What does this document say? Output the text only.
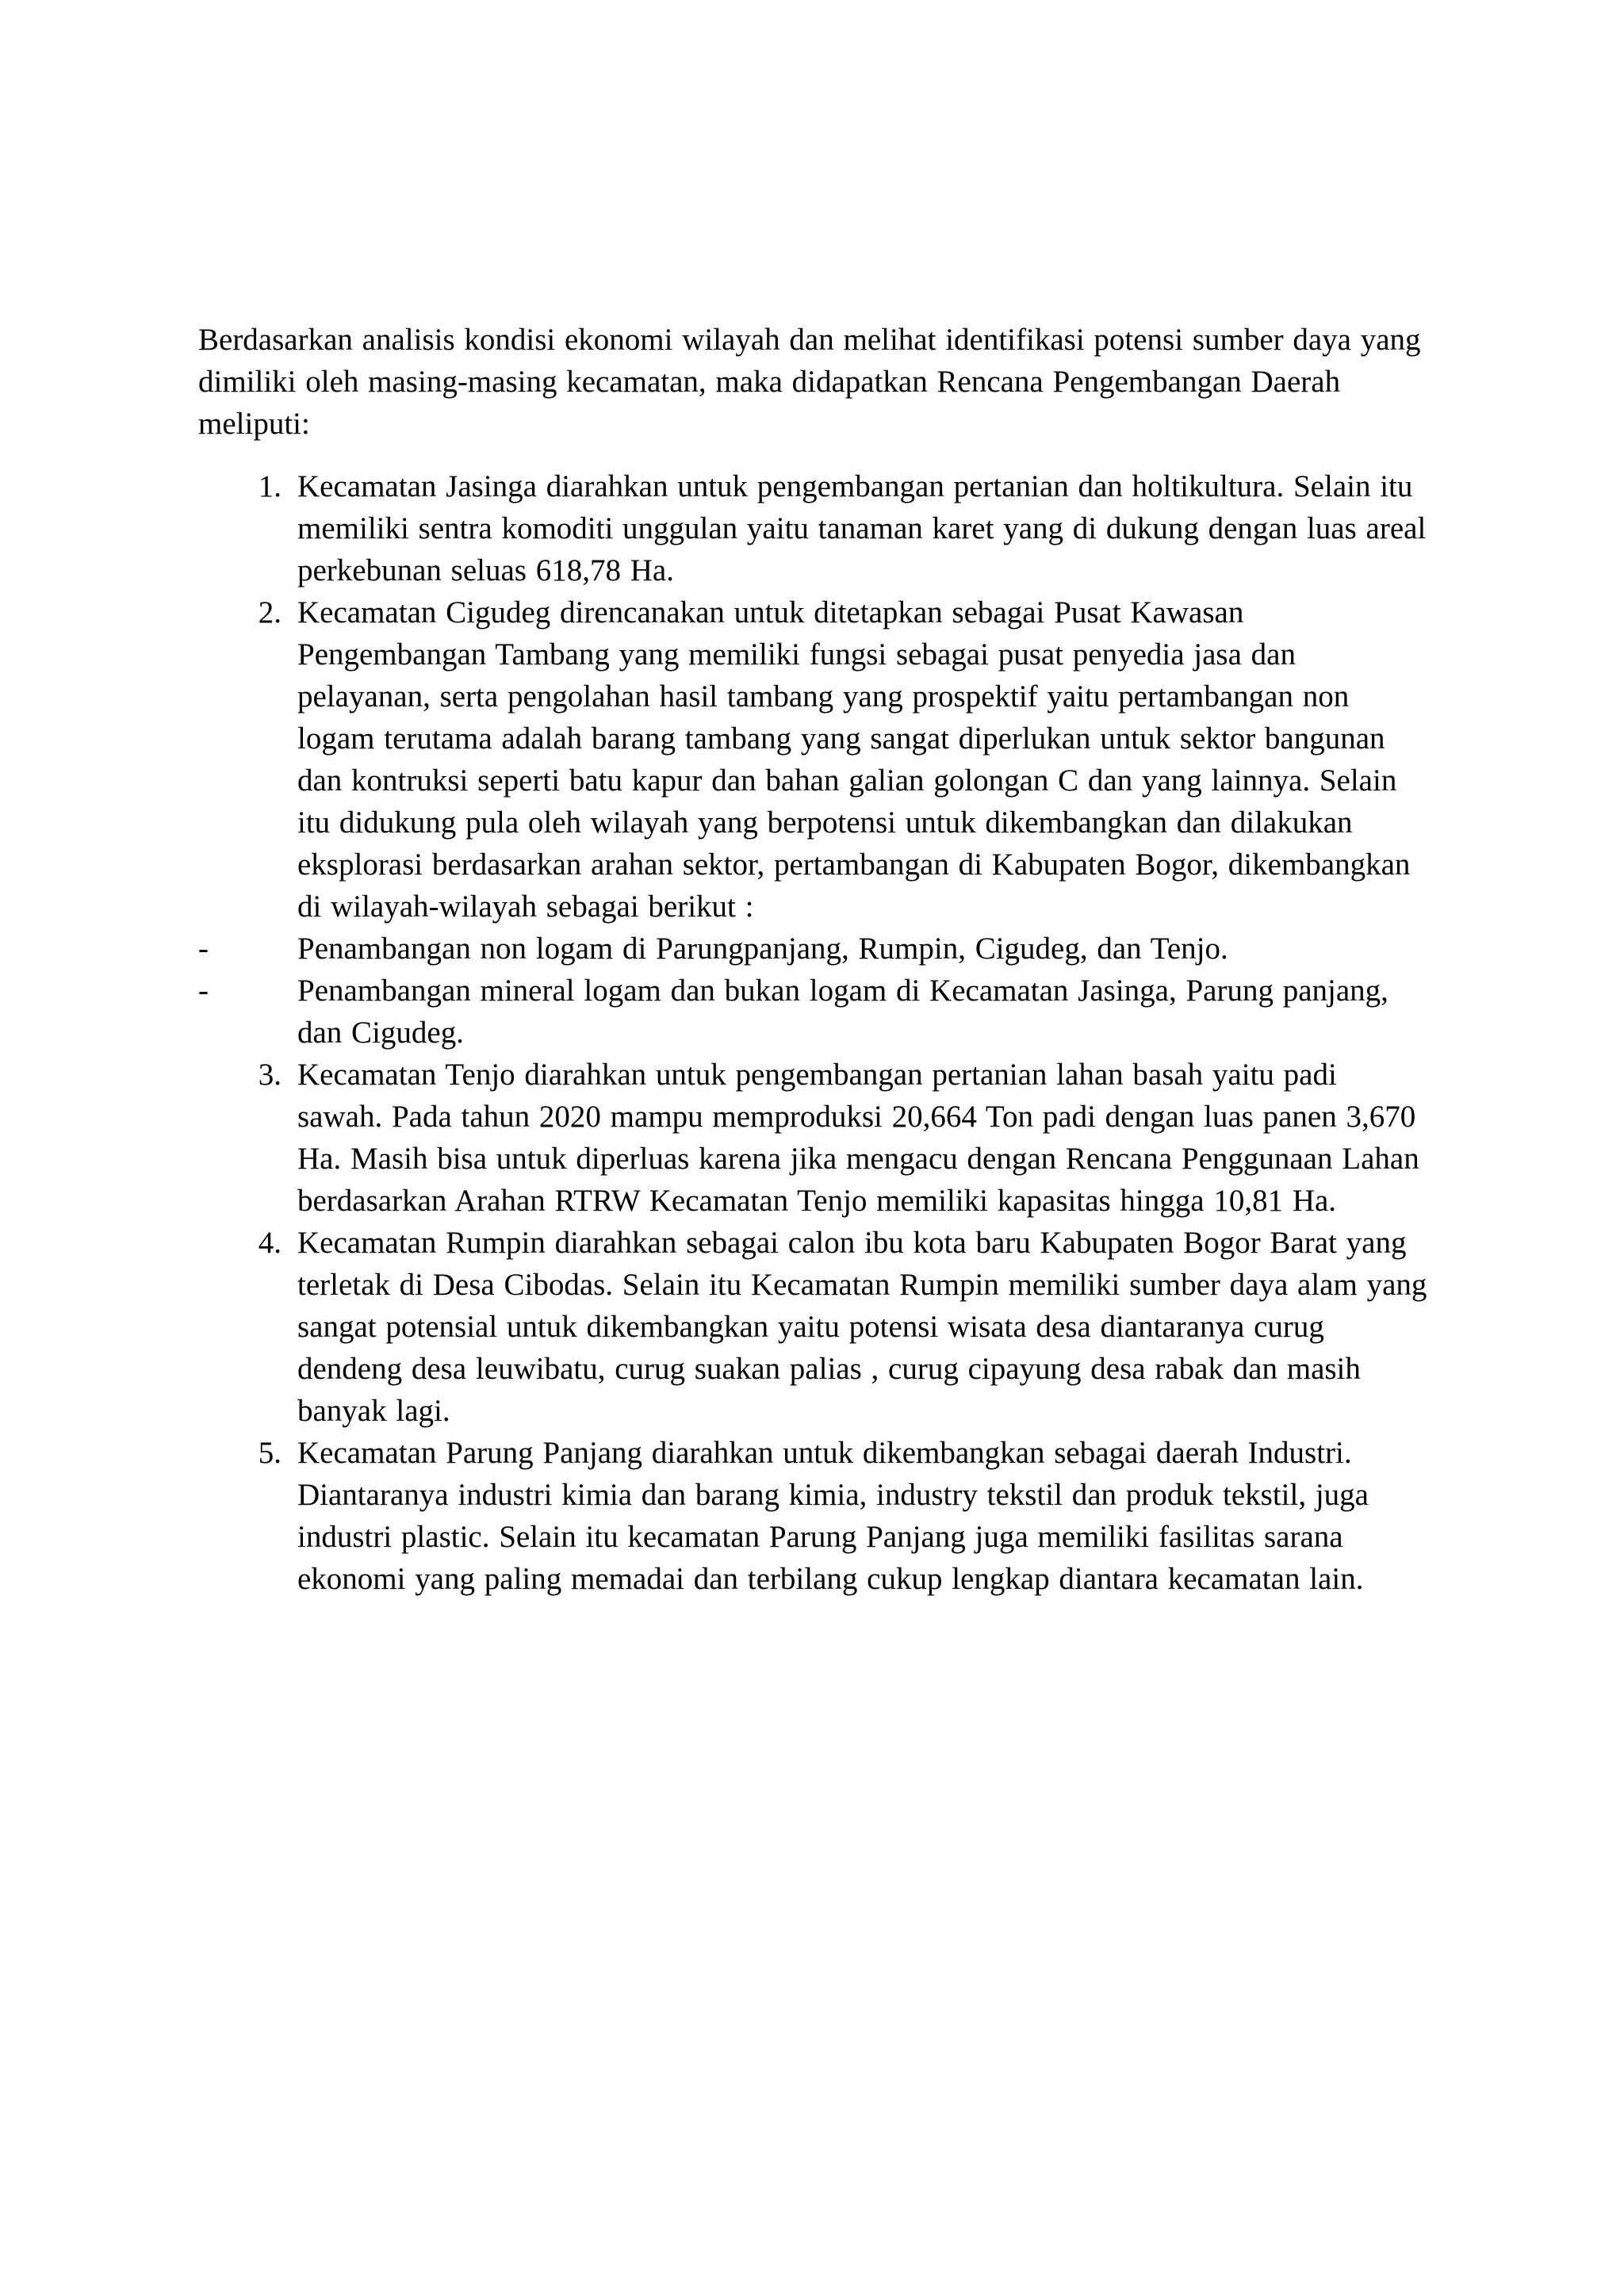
Berdasarkan analisis kondisi ekonomi wilayah dan melihat identifikasi potensi sumber daya yang dimiliki oleh masing-masing kecamatan, maka didapatkan Rencana Pengembangan Daerah meliputi:

1. Kecamatan Jasinga diarahkan untuk pengembangan pertanian dan holtikultura. Selain itu memiliki sentra komoditi unggulan yaitu tanaman karet yang di dukung dengan luas areal perkebunan seluas 618,78 Ha.
2. Kecamatan Cigudeg direncanakan untuk ditetapkan sebagai Pusat Kawasan Pengembangan Tambang yang memiliki fungsi sebagai pusat penyedia jasa dan pelayanan, serta pengolahan hasil tambang yang prospektif yaitu pertambangan non logam terutama adalah barang tambang yang sangat diperlukan untuk sektor bangunan dan kontruksi seperti batu kapur dan bahan galian golongan C dan yang lainnya. Selain itu didukung pula oleh wilayah yang berpotensi untuk dikembangkan dan dilakukan eksplorasi berdasarkan arahan sektor, pertambangan di Kabupaten Bogor, dikembangkan di wilayah-wilayah sebagai berikut :
-	Penambangan non logam di Parungpanjang, Rumpin, Cigudeg, dan Tenjo.
-	Penambangan mineral logam dan bukan logam di Kecamatan Jasinga, Parung panjang, dan Cigudeg.
3. Kecamatan Tenjo diarahkan untuk pengembangan pertanian lahan basah yaitu padi sawah. Pada tahun 2020 mampu memproduksi 20,664 Ton padi dengan luas panen 3,670 Ha. Masih bisa untuk diperluas karena jika mengacu dengan Rencana Penggunaan Lahan berdasarkan Arahan RTRW Kecamatan Tenjo memiliki kapasitas hingga 10,81 Ha.
4. Kecamatan Rumpin diarahkan sebagai calon ibu kota baru Kabupaten Bogor Barat yang terletak di Desa Cibodas. Selain itu Kecamatan Rumpin memiliki sumber daya alam yang sangat potensial untuk dikembangkan yaitu potensi wisata desa diantaranya curug dendeng desa leuwibatu, curug suakan palias , curug cipayung desa rabak dan masih banyak lagi.
5. Kecamatan Parung Panjang diarahkan untuk dikembangkan sebagai daerah Industri. Diantaranya industri kimia dan barang kimia, industry tekstil dan produk tekstil, juga industri plastic. Selain itu kecamatan Parung Panjang juga memiliki fasilitas sarana ekonomi yang paling memadai dan terbilang cukup lengkap diantara kecamatan lain.
